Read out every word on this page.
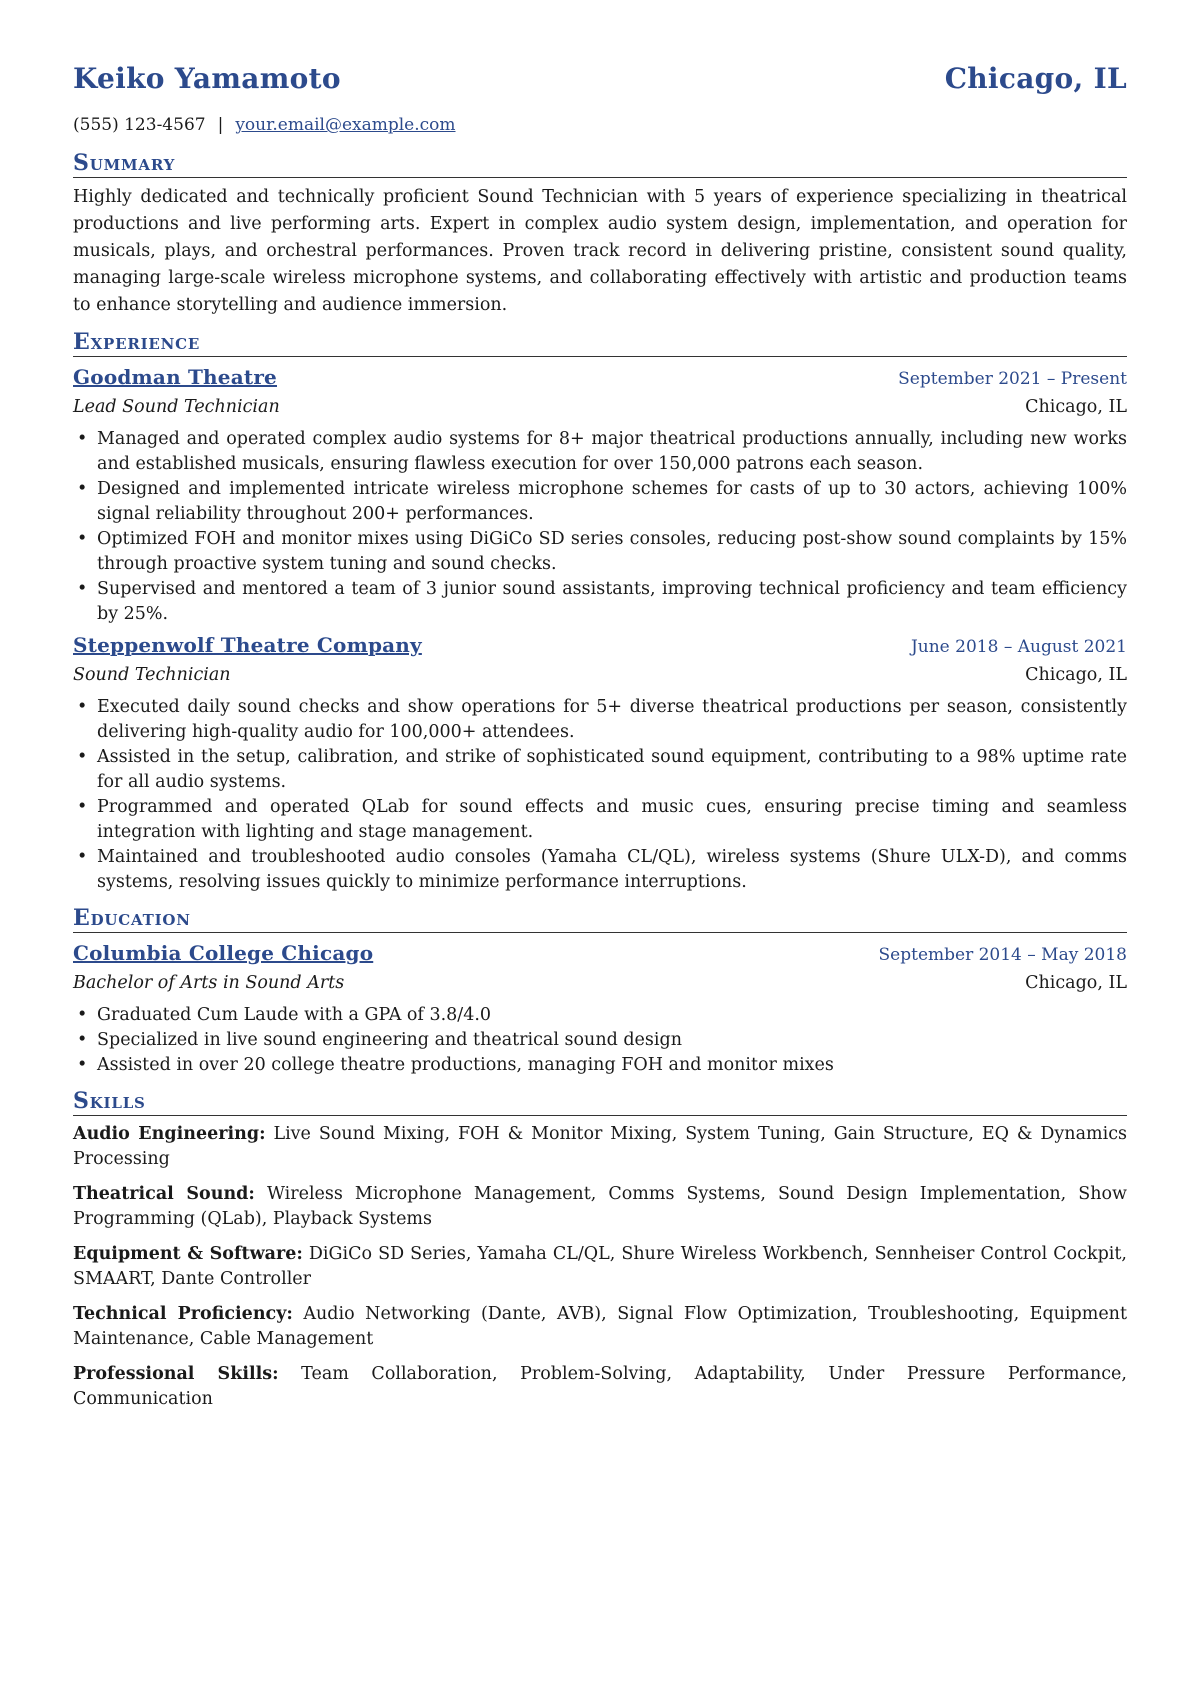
Keiko Yamamoto	Chicago, IL
(555) 123-4567 | your.email@example.com
Summary

Highly dedicated and technically proficient Sound Technician with 5 years of experience specializing in theatrical productions and live performing arts. Expert in complex audio system design, implementation, and operation for musicals, plays, and orchestral performances. Proven track record in delivering pristine, consistent sound quality, managing large-scale wireless microphone systems, and collaborating effectively with artistic and production teams to enhance storytelling and audience immersion.

Experience
Goodman Theatre	September 2021 – Present
Lead Sound Technician	Chicago, IL
• Managed and operated complex audio systems for 8+ major theatrical productions annually, including new works and established musicals, ensuring flawless execution for over 150,000 patrons each season.
• Designed and implemented intricate wireless microphone schemes for casts of up to 30 actors, achieving 100% signal reliability throughout 200+ performances.
• Optimized FOH and monitor mixes using DiGiCo SD series consoles, reducing post-show sound complaints by 15% through proactive system tuning and sound checks.
• Supervised and mentored a team of 3 junior sound assistants, improving technical proficiency and team efficiency by 25%.
Steppenwolf Theatre Company	June 2018 – August 2021
Sound Technician	Chicago, IL
• Executed daily sound checks and show operations for 5+ diverse theatrical productions per season, consistently delivering high-quality audio for 100,000+ attendees.
• Assisted in the setup, calibration, and strike of sophisticated sound equipment, contributing to a 98% uptime rate for all audio systems.
• Programmed and operated QLab for sound effects and music cues, ensuring precise timing and seamless integration with lighting and stage management.
• Maintained and troubleshooted audio consoles (Yamaha CL/QL), wireless systems (Shure ULX-D), and comms systems, resolving issues quickly to minimize performance interruptions.
Education
Columbia College Chicago	September 2014 – May 2018
Bachelor of Arts in Sound Arts	Chicago, IL
• Graduated Cum Laude with a GPA of 3.8/4.0
• Specialized in live sound engineering and theatrical sound design
• Assisted in over 20 college theatre productions, managing FOH and monitor mixes
Skills

Audio Engineering: Live Sound Mixing, FOH & Monitor Mixing, System Tuning, Gain Structure, EQ & Dynamics Processing

Theatrical Sound: Wireless Microphone Management, Comms Systems, Sound Design Implementation, Show Programming (QLab), Playback Systems

Equipment & Software: DiGiCo SD Series, Yamaha CL/QL, Shure Wireless Workbench, Sennheiser Control Cockpit, SMAART, Dante Controller

Technical Proficiency: Audio Networking (Dante, AVB), Signal Flow Optimization, Troubleshooting, Equipment Maintenance, Cable Management

Professional Skills: Team Collaboration, Problem-Solving, Adaptability, Under Pressure Performance, Communication
